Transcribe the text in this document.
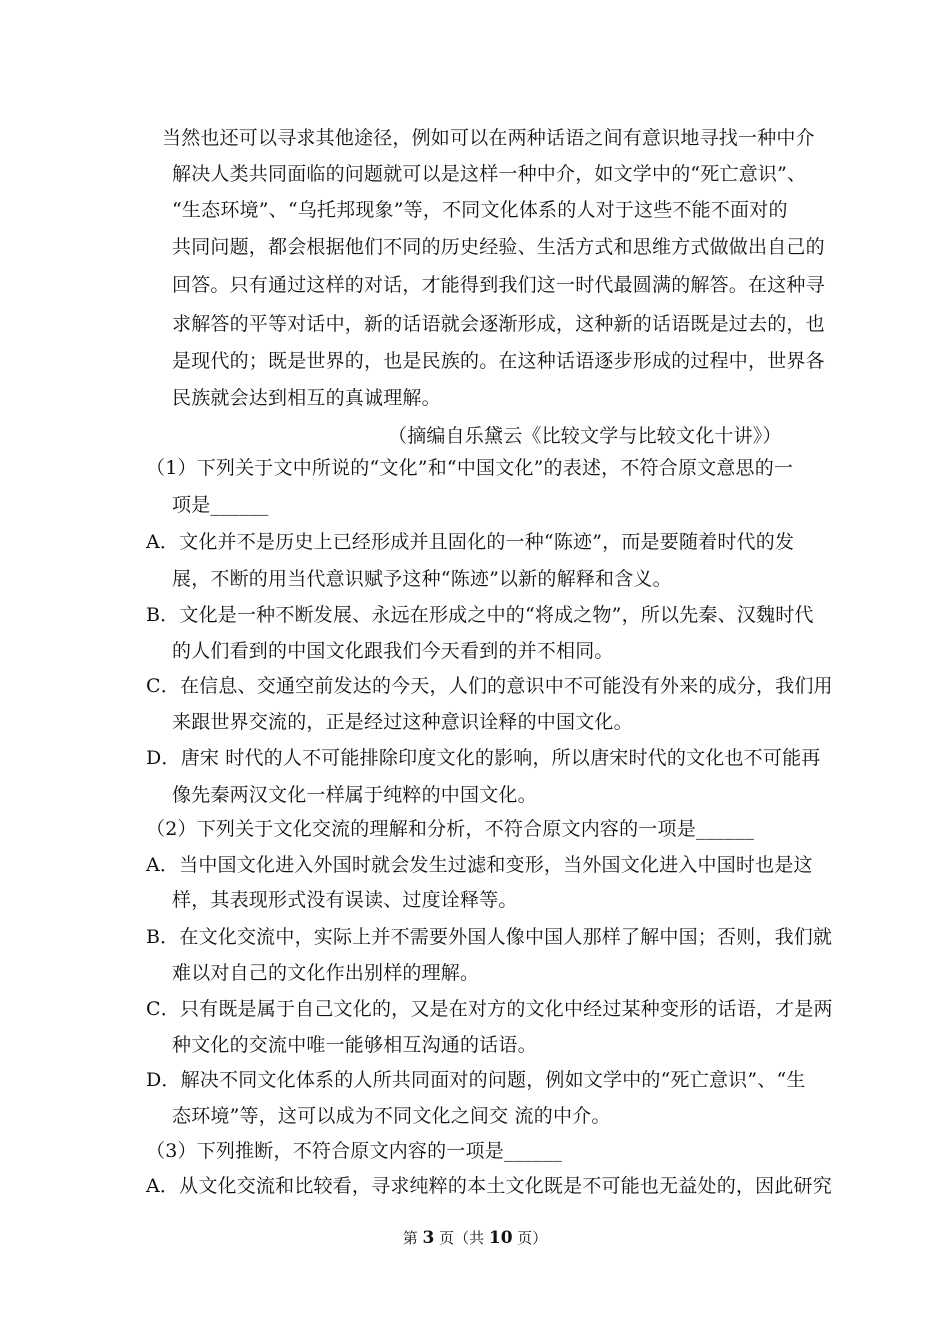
当然也还可以寻求其他途径，例如可以在两种话语之间有意识地寻找一种中介
解决人类共同面临的问题就可以是这样一种中介，如文学中的“死亡意识”、
“生态环境”、“乌托邦现象”等，不同文化体系的人对于这些不能不面对的
共同问题，都会根据他们不同的历史经验、生活方式和思维方式做做出自己的
回答。只有通过这样的对话，才能得到我们这一时代最圆满的解答。在这种寻
求解答的平等对话中，新的话语就会逐渐形成，这种新的话语既是过去的，也
是现代的；既是世界的，也是民族的。在这种话语逐步形成的过程中，世界各
民族就会达到相互的真诚理解。
（摘编自乐黛云《比较文学与比较文化十讲》）
（1）下列关于文中所说的“文化”和“中国文化”的表述，不符合原文意思的一
项是______
A．文化并不是历史上已经形成并且固化的一种“陈迹”，而是要随着时代的发
展，不断的用当代意识赋予这种“陈迹”以新的解释和含义。
B．文化是一种不断发展、永远在形成之中的“将成之物”，所以先秦、汉魏时代
的人们看到的中国文化跟我们今天看到的并不相同。
C．在信息、交通空前发达的今天，人们的意识中不可能没有外来的成分，我们用
来跟世界交流的，正是经过这种意识诠释的中国文化。
D．唐宋 时代的人不可能排除印度文化的影响，所以唐宋时代的文化也不可能再
像先秦两汉文化一样属于纯粹的中国文化。
（2）下列关于文化交流的理解和分析，不符合原文内容的一项是______
A．当中国文化进入外国时就会发生过滤和变形，当外国文化进入中国时也是这
样，其表现形式没有误读、过度诠释等。
B．在文化交流中，实际上并不需要外国人像中国人那样了解中国；否则，我们就
难以对自己的文化作出别样的理解。
C．只有既是属于自己文化的，又是在对方的文化中经过某种变形的话语，才是两
种文化的交流中唯一能够相互沟通的话语。
D．解决不同文化体系的人所共同面对的问题，例如文学中的“死亡意识”、“生
态环境”等，这可以成为不同文化之间交 流的中介。
（3）下列推断，不符合原文内容的一项是______
A．从文化交流和比较看，寻求纯粹的本土文化既是不可能也无益处的，因此研究
第 3 页（共 10 页）
